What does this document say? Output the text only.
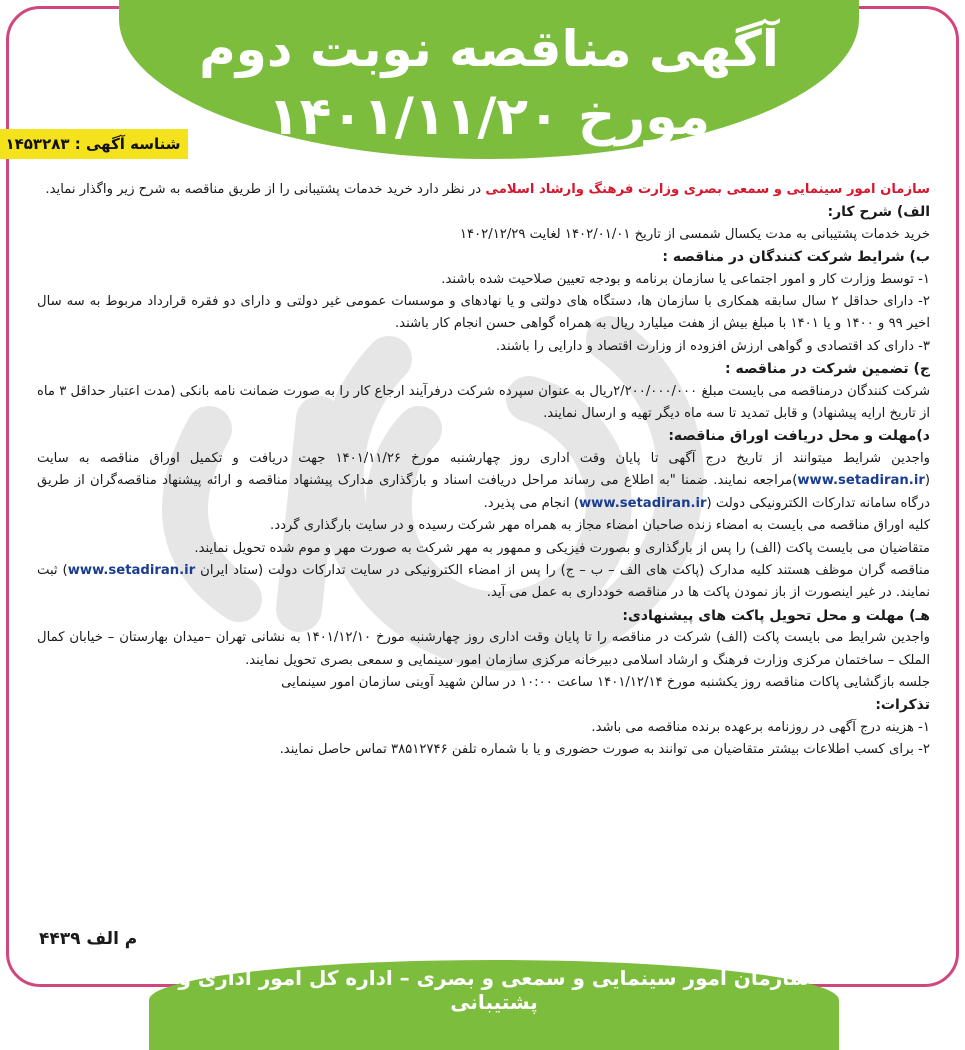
آگهی مناقصه نوبت دوم
مورخ ۱۴۰۱/۱۱/۲۰
شناسه آگهی : ۱۴۵۳۲۸۳

سازمان امور سینمایی و سمعی بصری وزارت فرهنگ وارشاد اسلامی در نظر دارد خرید خدمات پشتیبانی را از طریق مناقصه به شرح زیر واگذار نماید.

الف) شرح کار:

خرید خدمات پشتیبانی به مدت یکسال شمسی از تاریخ ۱۴۰۲/۰۱/۰۱ لغایت ۱۴۰۲/۱۲/۲۹

ب) شرایط شرکت کنندگان در مناقصه :

۱- توسط وزارت کار و امور اجتماعی یا سازمان برنامه و بودجه تعیین صلاحیت شده باشند.

۲- دارای حداقل ۲ سال سابقه همکاری با سازمان ها، دستگاه های دولتی و یا نهادهای و موسسات عمومی غیر دولتی و دارای دو فقره قرارداد مربوط به سه سال اخیر ۹۹ و ۱۴۰۰ و یا ۱۴۰۱ با مبلغ بیش از هفت میلیارد ریال به همراه گواهی حسن انجام کار باشند.

۳- دارای کد اقتصادی و گواهی ارزش افزوده از وزارت اقتصاد و دارایی را باشند.

ج) تضمین شرکت در مناقصه :

شرکت کنندگان درمناقصه می بایست مبلغ ۲/۲۰۰/۰۰۰/۰۰۰ریال به عنوان سپرده شرکت درفرآیند ارجاع کار را به صورت ضمانت نامه بانکی (مدت اعتبار حداقل ۳ ماه از تاریخ ارایه پیشنهاد) و قابل تمدید تا سه ماه دیگر تهیه و ارسال نمایند.

د)مهلت و محل دریافت اوراق مناقصه:

واجدین شرایط میتوانند از تاریخ درج آگهی تا پایان وقت اداری روز چهارشنبه مورخ ۱۴۰۱/۱۱/۲۶ جهت دریافت و تکمیل اوراق مناقصه به سایت (www.setadiran.ir)مراجعه نمایند. ضمنا "به اطلاع می رساند مراحل دریافت اسناد و بارگذاری مدارک پیشنهاد مناقصه و ارائه پیشنهاد مناقصه‌گران از طریق درگاه سامانه تدارکات الکترونیکی دولت (www.setadiran.ir) انجام می پذیرد.

کلیه اوراق مناقصه می بایست به امضاء زنده صاحبان امضاء مجاز به همراه مهر شرکت رسیده و در سایت بارگذاری گردد.

متقاضیان می بایست پاکت (الف) را پس از بارگذاری و بصورت فیزیکی و ممهور به مهر شرکت به صورت مهر و موم شده تحویل نمایند.

مناقصه گران موظف هستند کلیه مدارک (پاکت های الف – ب – ج) را پس از امضاء الکترونیکی در سایت تدارکات دولت (ستاد ایران www.setadiran.ir) ثبت نمایند. در غیر اینصورت از باز نمودن پاکت ها در مناقصه خودداری به عمل می آید.

هـ) مهلت و محل تحویل پاکت های پیشنهادی:

واجدین شرایط می بایست پاکت (الف) شرکت در مناقصه را تا پایان وقت اداری روز چهارشنبه مورخ ۱۴۰۱/۱۲/۱۰ به نشانی تهران –میدان بهارستان – خیابان کمال الملک – ساختمان مرکزی وزارت فرهنگ و ارشاد اسلامی دبیرخانه مرکزی سازمان امور سینمایی و سمعی بصری تحویل نمایند.

جلسه بازگشایی پاکات مناقصه روز یکشنبه مورخ ۱۴۰۱/۱۲/۱۴ ساعت ۱۰:۰۰ در سالن شهید آوینی سازمان امور سینمایی

تذکرات:

۱- هزینه درج آگهی در روزنامه برعهده برنده مناقصه می باشد.

۲- برای کسب اطلاعات بیشتر متقاضیان می توانند به صورت حضوری و یا با شماره تلفن ۳۸۵۱۲۷۴۶ تماس حاصل نمایند.

م الف ۴۴۳۹
سازمان امور سینمایی و سمعی و بصری – اداره کل امور اداری و پشتیبانی
